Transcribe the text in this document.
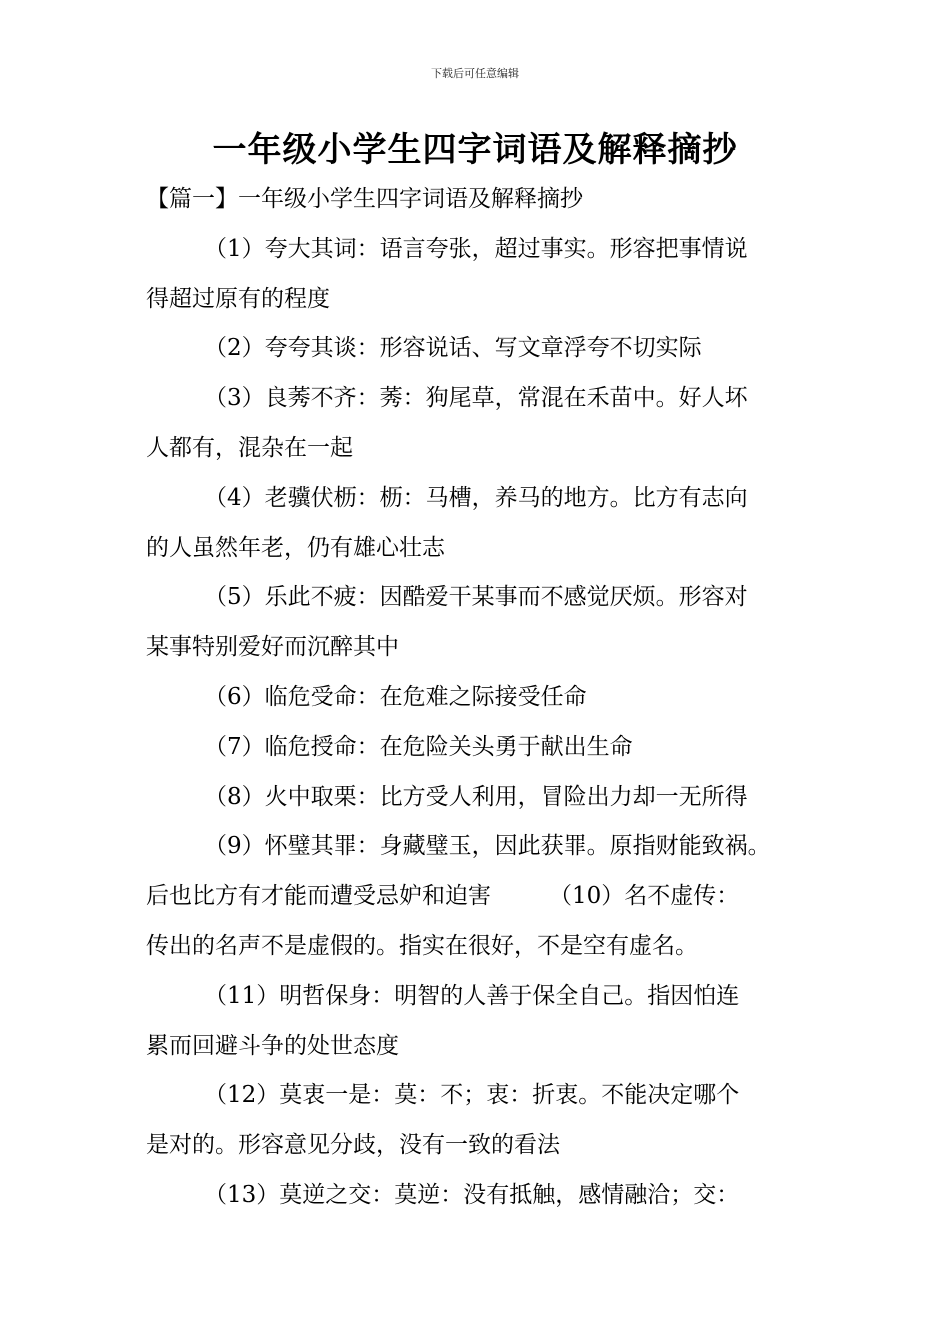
下载后可任意编辑
一年级小学生四字词语及解释摘抄
【篇一】一年级小学生四字词语及解释摘抄
（1）夸大其词：语言夸张，超过事实。形容把事情说
得超过原有的程度
（2）夸夸其谈：形容说话、写文章浮夸不切实际
（3）良莠不齐：莠：狗尾草，常混在禾苗中。好人坏
人都有，混杂在一起
（4）老骥伏枥：枥：马槽，养马的地方。比方有志向
的人虽然年老，仍有雄心壮志
（5）乐此不疲：因酷爱干某事而不感觉厌烦。形容对
某事特别爱好而沉醉其中
（6）临危受命：在危难之际接受任命
（7）临危授命：在危险关头勇于献出生命
（8）火中取栗：比方受人利用，冒险出力却一无所得
（9）怀璧其罪：身藏璧玉，因此获罪。原指财能致祸。
后也比方有才能而遭受忌妒和迫害	（10）名不虚传：
传出的名声不是虚假的。指实在很好，不是空有虚名。
（11）明哲保身：明智的人善于保全自己。指因怕连
累而回避斗争的处世态度
（12）莫衷一是：莫：不；衷：折衷。不能决定哪个
是对的。形容意见分歧，没有一致的看法
（13）莫逆之交：莫逆：没有抵触，感情融洽；交：
